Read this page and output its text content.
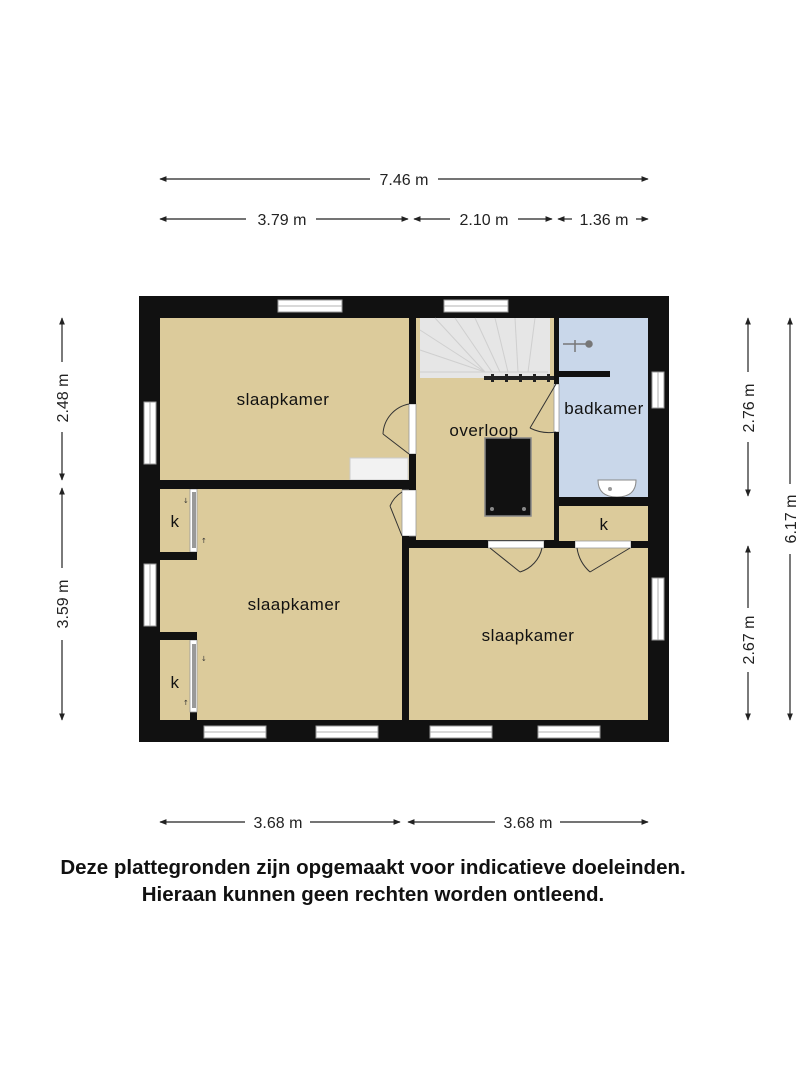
7.46 m
3.79 m	2.10 m	1.36 m
3.68 m	3.68 m
2.48 m
3.59 m
2.76 m
2.67 m
6.17 m
↓
↑
↓
↑
slaapkamer
overloop
badkamer
slaapkamer
slaapkamer
k
k
k
Deze plattegronden zijn opgemaakt voor indicatieve doeleinden.
Hieraan kunnen geen rechten worden ontleend.
